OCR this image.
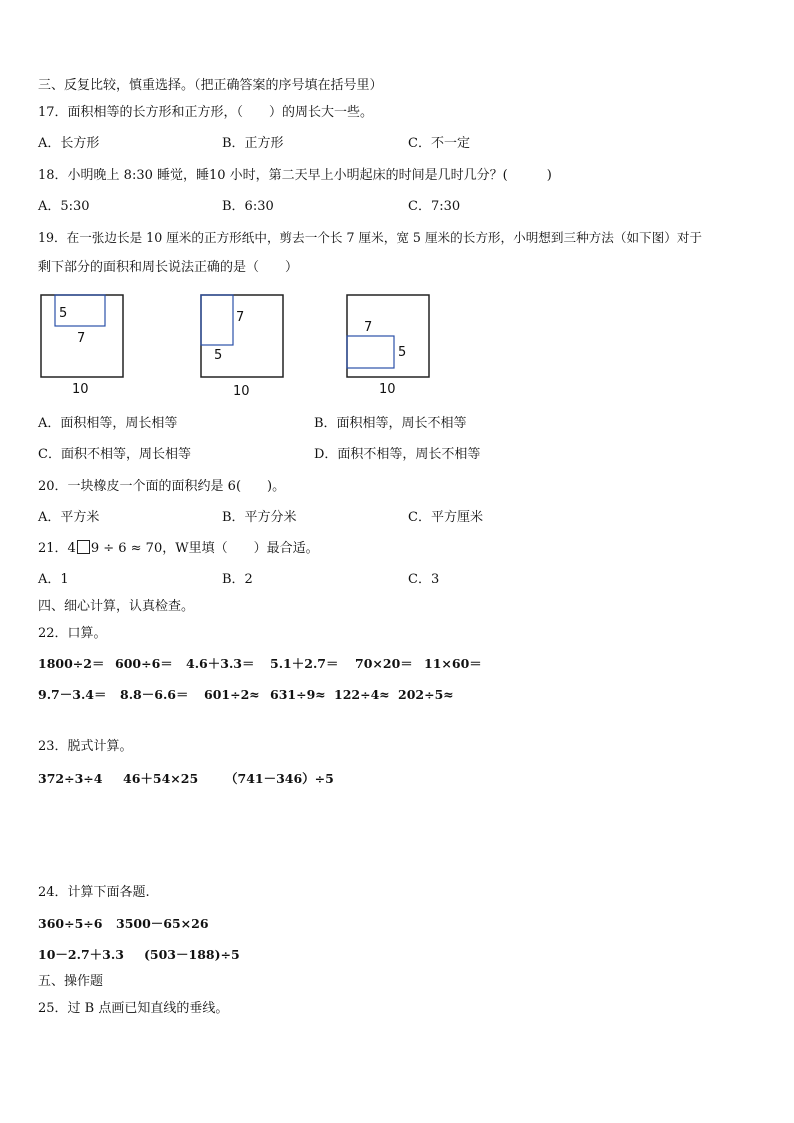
三、反复比较，慎重选择。（把正确答案的序号填在括号里）
17．面积相等的长方形和正方形，（　　）的周长大一些。
A．长方形	B．正方形	C．不一定
18．小明晚上 8:30 睡觉，睡10 小时，第二天早上小明起床的时间是几时几分？(　　　)
A．5:30	B．6:30	C．7:30
19．在一张边长是 10 厘米的正方形纸中，剪去一个长 7 厘米，宽 5 厘米的长方形，小明想到三种方法（如下图）对于
剩下部分的面积和周长说法正确的是（　　）
5
7
10
7
5
10
7
5
10
A．面积相等，周长相等	B．面积相等，周长不相等
C．面积不相等，周长相等	D．面积不相等，周长不相等
20．一块橡皮一个面的面积约是 6(　　)。
A．平方米	B．平方分米	C．平方厘米
21．4 9 ÷ 6 ≈ 70，W里填（　　）最合适。
A．1	B．2	C．3
四、细心计算，认真检查。
22．口算。
1800÷2＝ 600÷6＝ 4.6＋3.3＝ 5.1＋2.7＝ 70×20＝ 11×60＝
9.7－3.4＝ 8.8－6.6＝ 601÷2≈ 631÷9≈ 122÷4≈ 202÷5≈
23．脱式计算。
372÷3÷4 46＋54×25 （741－346）÷5
24．计算下面各题.
360÷5÷6 3500－65×26
10－2.7＋3.3 (503－188)÷5
五、操作题
25．过 B 点画已知直线的垂线。
